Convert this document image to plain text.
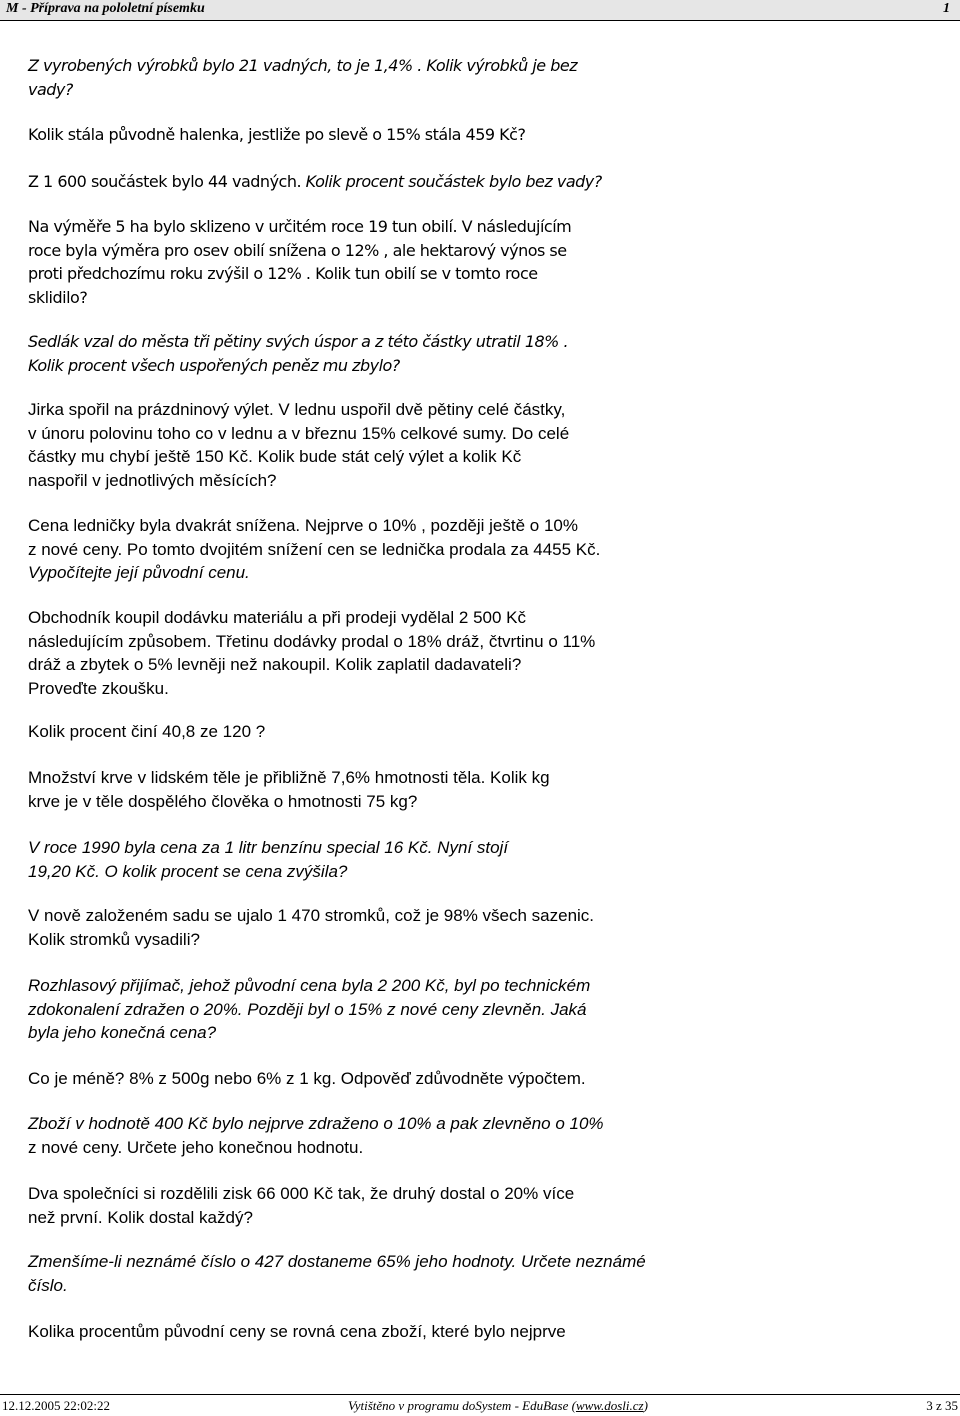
M - Příprava na pololetní písemku	1
Z vyrobených výrobků bylo 21 vadných, to je 1,4% . Kolik výrobků je bez
vady?
Kolik stála původně halenka, jestliže po slevě o 15% stála 459 Kč?
Z 1 600 součástek bylo 44 vadných. Kolik procent součástek bylo bez vady?
Na výměře 5 ha bylo sklizeno v určitém roce 19 tun obilí. V následujícím
roce byla výměra pro osev obilí snížena o 12% , ale hektarový výnos se
proti předchozímu roku zvýšil o 12% . Kolik tun obilí se v tomto roce
sklidilo?
Sedlák vzal do města tři pětiny svých úspor a z této částky utratil 18% .
Kolik procent všech uspořených peněz mu zbylo?
Jirka spořil na prázdninový výlet. V lednu uspořil dvě pětiny celé částky,
v únoru polovinu toho co v lednu a v březnu 15% celkové sumy. Do celé
částky mu chybí ještě 150 Kč. Kolik bude stát celý výlet a kolik Kč
naspořil v jednotlivých měsících?
Cena ledničky byla dvakrát snížena. Nejprve o 10% , později ještě o 10%
z nové ceny. Po tomto dvojitém snížení cen se lednička prodala za 4455 Kč.
Vypočítejte její původní cenu.
Obchodník koupil dodávku materiálu a při prodeji vydělal 2 500 Kč
následujícím způsobem. Třetinu dodávky prodal o 18% dráž, čtvrtinu o 11%
dráž a zbytek o 5% levněji než nakoupil. Kolik zaplatil dadavateli?
Proveďte zkoušku.
Kolik procent činí 40,8 ze 120 ?
Množství krve v lidském těle je přibližně 7,6% hmotnosti těla. Kolik kg
krve je v těle dospělého člověka o hmotnosti 75 kg?
V roce 1990 byla cena za 1 litr benzínu special 16 Kč. Nyní stojí
19,20 Kč. O kolik procent se cena zvýšila?
V nově založeném sadu se ujalo 1 470 stromků, což je 98% všech sazenic.
Kolik stromků vysadili?
Rozhlasový přijímač, jehož původní cena byla 2 200 Kč, byl po technickém
zdokonalení zdražen o 20%. Později byl o 15% z nové ceny zlevněn. Jaká
byla jeho konečná cena?
Co je méně? 8% z 500g nebo 6% z 1 kg. Odpověď zdůvodněte výpočtem.
Zboží v hodnotě 400 Kč bylo nejprve zdraženo o 10% a pak zlevněno o 10%
z nové ceny. Určete jeho konečnou hodnotu.
Dva společníci si rozdělili zisk 66 000 Kč tak, že druhý dostal o 20% více
než první. Kolik dostal každý?
Zmenšíme-li neznámé číslo o 427 dostaneme 65% jeho hodnoty. Určete neznámé
číslo.
Kolika procentům původní ceny se rovná cena zboží, které bylo nejprve
12.12.2005 22:02:22	Vytištěno v programu doSystem - EduBase (www.dosli.cz)	3 z 35
